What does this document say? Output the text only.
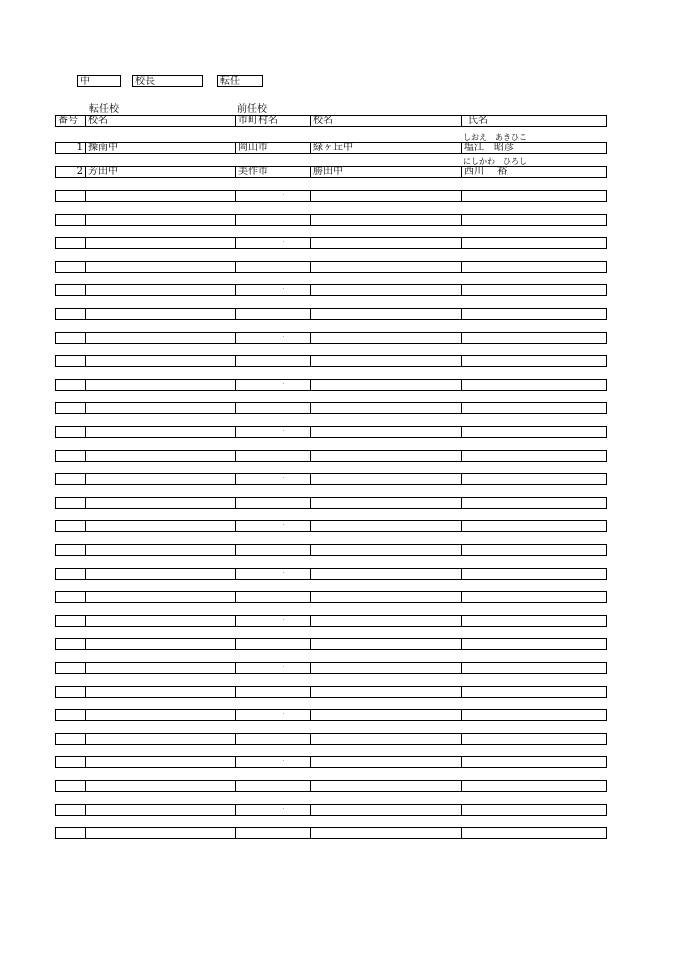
中	校長	転任
転任校	前任校
番号	校名	市町村名	校名	氏名
しおえ　あきひこ
1 操南中	岡山市	緑ヶ丘中	塩江　昭彦
にしかわ　ひろし
2 芳田中	美作市	勝田中	西川　 裕
